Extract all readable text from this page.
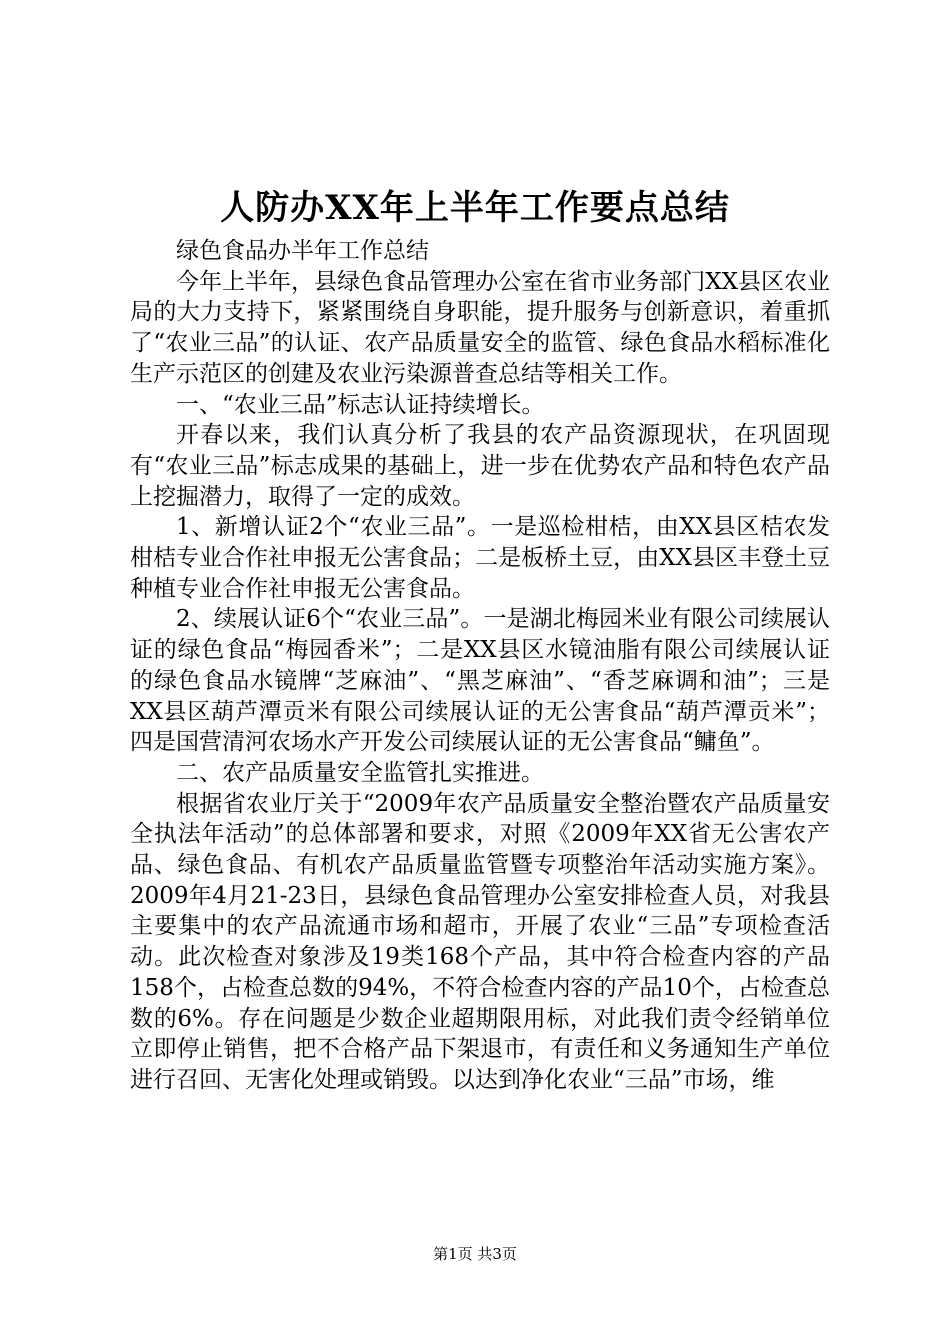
人防办XX年上半年工作要点总结

绿色食品办半年工作总结

今年上半年，县绿色食品管理办公室在省市业务部门XX县区农业局的大力支持下，紧紧围绕自身职能，提升服务与创新意识，着重抓了“农业三品”的认证、农产品质量安全的监管、绿色食品水稻标准化生产示范区的创建及农业污染源普查总结等相关工作。

一、“农业三品”标志认证持续增长。

开春以来，我们认真分析了我县的农产品资源现状，在巩固现有“农业三品”标志成果的基础上，进一步在优势农产品和特色农产品上挖掘潜力，取得了一定的成效。

1、新增认证2个“农业三品”。一是巡检柑桔，由XX县区桔农发柑桔专业合作社申报无公害食品；二是板桥土豆，由XX县区丰登土豆种植专业合作社申报无公害食品。

2、续展认证6个“农业三品”。一是湖北梅园米业有限公司续展认证的绿色食品“梅园香米”；二是XX县区水镜油脂有限公司续展认证的绿色食品水镜牌“芝麻油”、“黑芝麻油”、“香芝麻调和油”；三是XX县区葫芦潭贡米有限公司续展认证的无公害食品“葫芦潭贡米”；四是国营清河农场水产开发公司续展认证的无公害食品“鳙鱼”。

二、农产品质量安全监管扎实推进。

根据省农业厅关于“2009年农产品质量安全整治暨农产品质量安全执法年活动”的总体部署和要求，对照《2009年XX省无公害农产品、绿色食品、有机农产品质量监管暨专项整治年活动实施方案》。2009年4月21-23日，县绿色食品管理办公室安排检查人员，对我县主要集中的农产品流通市场和超市，开展了农业“三品”专项检查活动。此次检查对象涉及19类168个产品，其中符合检查内容的产品158个，占检查总数的94%，不符合检查内容的产品10个，占检查总数的6%。存在问题是少数企业超期限用标，对此我们责令经销单位立即停止销售，把不合格产品下架退市，有责任和义务通知生产单位进行召回、无害化处理或销毁。以达到净化农业“三品”市场，维

第1页 共3页
